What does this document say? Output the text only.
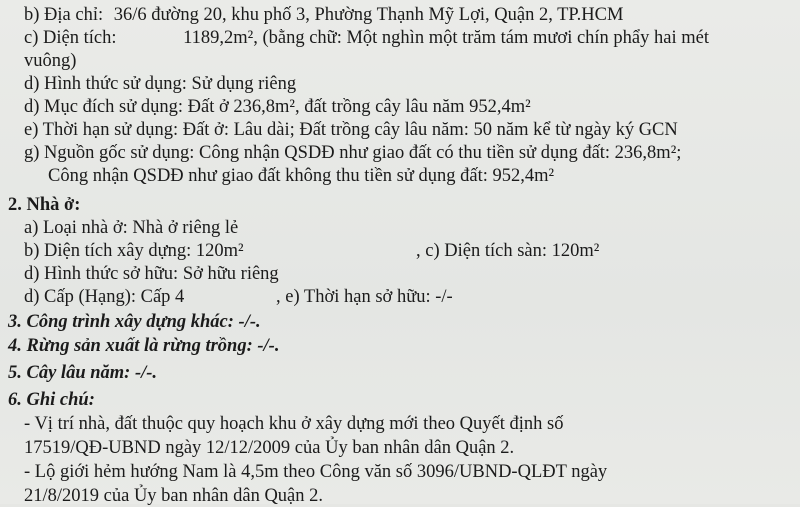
b) Địa chỉ: 36/6 đường 20, khu phố 3, Phường Thạnh Mỹ Lợi, Quận 2, TP.HCM
c) Diện tích:	1189,2m², (bằng chữ: Một nghìn một trăm tám mươi chín phẩy hai mét
vuông)
d) Hình thức sử dụng: Sử dụng riêng
d) Mục đích sử dụng: Đất ở 236,8m², đất trồng cây lâu năm 952,4m²
e) Thời hạn sử dụng: Đất ở: Lâu dài; Đất trồng cây lâu năm: 50 năm kể từ ngày ký GCN
g) Nguồn gốc sử dụng: Công nhận QSDĐ như giao đất có thu tiền sử dụng đất: 236,8m²;
Công nhận QSDĐ như giao đất không thu tiền sử dụng đất: 952,4m²
2. Nhà ở:
a) Loại nhà ở: Nhà ở riêng lẻ
b) Diện tích xây dựng: 120m²	, c) Diện tích sàn: 120m²
d) Hình thức sở hữu: Sở hữu riêng
d) Cấp (Hạng): Cấp 4	, e) Thời hạn sở hữu: -/-
3. Công trình xây dựng khác: -/-.
4. Rừng sản xuất là rừng trồng: -/-.
5. Cây lâu năm: -/-.
6. Ghi chú:
- Vị trí nhà, đất thuộc quy hoạch khu ở xây dựng mới theo Quyết định số
17519/QĐ-UBND ngày 12/12/2009 của Ủy ban nhân dân Quận 2.
- Lộ giới hẻm hướng Nam là 4,5m theo Công văn số 3096/UBND-QLĐT ngày
21/8/2019 của Ủy ban nhân dân Quận 2.
